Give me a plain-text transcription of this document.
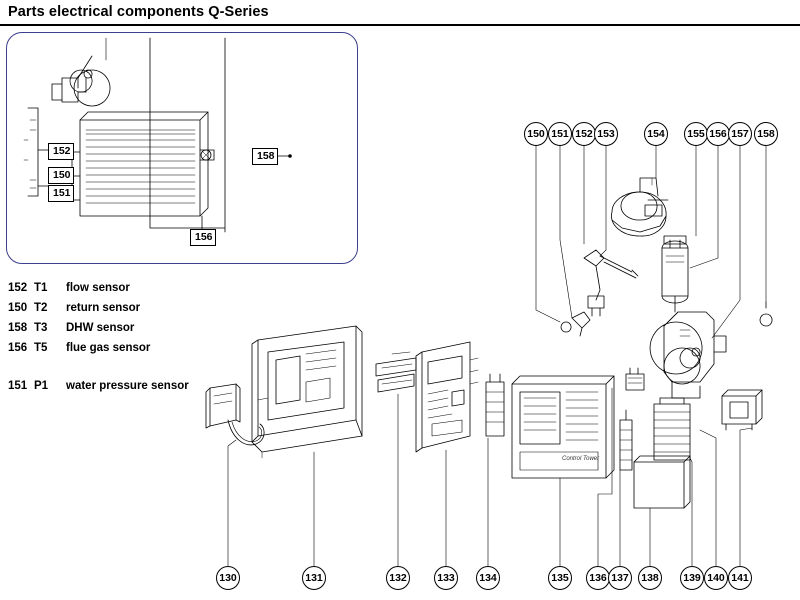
Parts electrical components Q-Series
152 T1	flow sensor
150 T2	return sensor
158 T3	DHW sensor
156 T5	flue gas sensor
151 P1	water pressure sensor
152
150
151
156
158
150 151 152 153	154	155 156 157 158
130	131	132	133	134	135	136 137	138	139 140 141
Control Tower
